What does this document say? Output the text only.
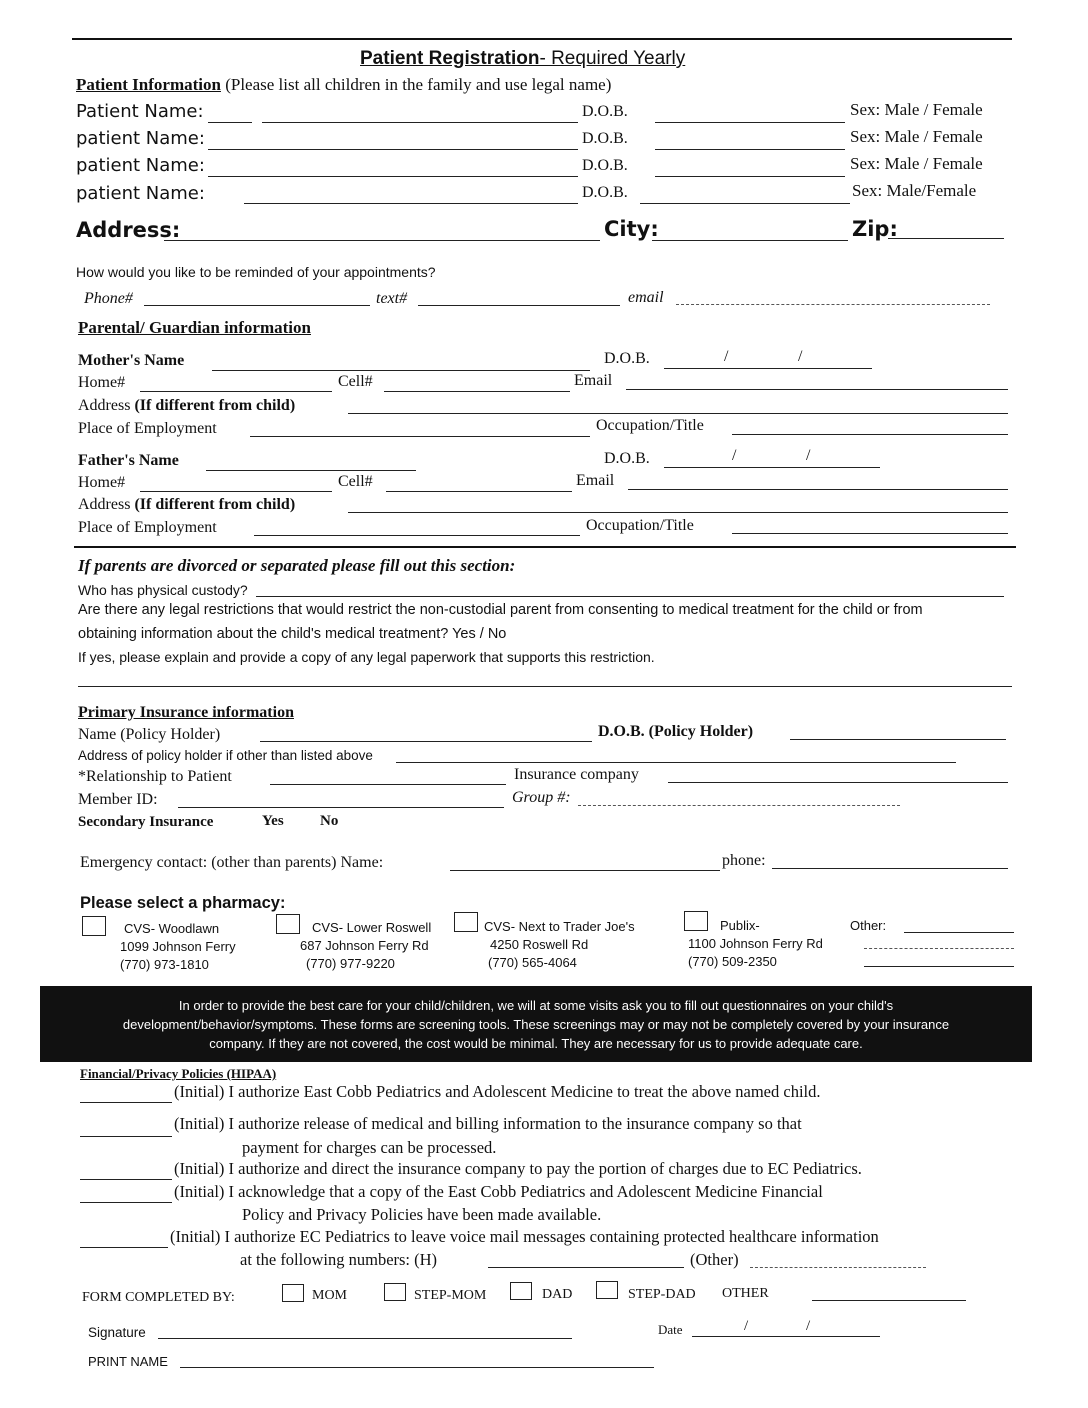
Patient Registration- Required Yearly
Patient Information (Please list all children in the family and use legal name)
Patient Name:	D.O.B.	Sex: Male / Female
patient Name:	D.O.B.	Sex: Male / Female
patient Name:	D.O.B.	Sex: Male / Female
patient Name:	D.O.B.	Sex: Male/Female
Address:	City:	Zip:
How would you like to be reminded of your appointments?
Phone#	text#	email
Parental/ Guardian information
Mother's Name	D.O.B.	/	/
Home#	Cell#	Email
Address (If different from child)
Place of Employment	Occupation/Title
Father's Name	D.O.B.	/	/
Home#	Cell#	Email
Address (If different from child)
Place of Employment	Occupation/Title
If parents are divorced or separated please fill out this section:
Who has physical custody?
Are there any legal restrictions that would restrict the non-custodial parent from consenting to medical treatment for the child or from
obtaining information about the child's medical treatment? Yes / No
If yes, please explain and provide a copy of any legal paperwork that supports this restriction.
Primary Insurance information
Name (Policy Holder)	D.O.B. (Policy Holder)
Address of policy holder if other than listed above
*Relationship to Patient	Insurance company
Member ID:	Group #:
Secondary Insurance	Yes No
Emergency contact: (other than parents) Name:	phone:
Please select a pharmacy:
CVS- Woodlawn
1099 Johnson Ferry
(770) 973-1810
CVS- Lower Roswell
687 Johnson Ferry Rd
(770) 977-9220
CVS- Next to Trader Joe's
4250 Roswell Rd
(770) 565-4064
Publix-
1100 Johnson Ferry Rd
(770) 509-2350
Other:
In order to provide the best care for your child/children, we will at some visits ask you to fill out questionnaires on your child's
development/behavior/symptoms. These forms are screening tools. These screenings may or may not be completely covered by your insurance
company. If they are not covered, the cost would be minimal. They are necessary for us to provide adequate care.
Financial/Privacy Policies (HIPAA)
(Initial) I authorize East Cobb Pediatrics and Adolescent Medicine to treat the above named child.
(Initial) I authorize release of medical and billing information to the insurance company so that
payment for charges can be processed.
(Initial) I authorize and direct the insurance company to pay the portion of charges due to EC Pediatrics.
(Initial) I acknowledge that a copy of the East Cobb Pediatrics and Adolescent Medicine Financial
Policy and Privacy Policies have been made available.
(Initial) I authorize EC Pediatrics to leave voice mail messages containing protected healthcare information
at the following numbers: (H)	(Other)
FORM COMPLETED BY:	MOM	STEP-MOM	DAD	STEP-DAD OTHER
Signature	Date	/	/
PRINT NAME
